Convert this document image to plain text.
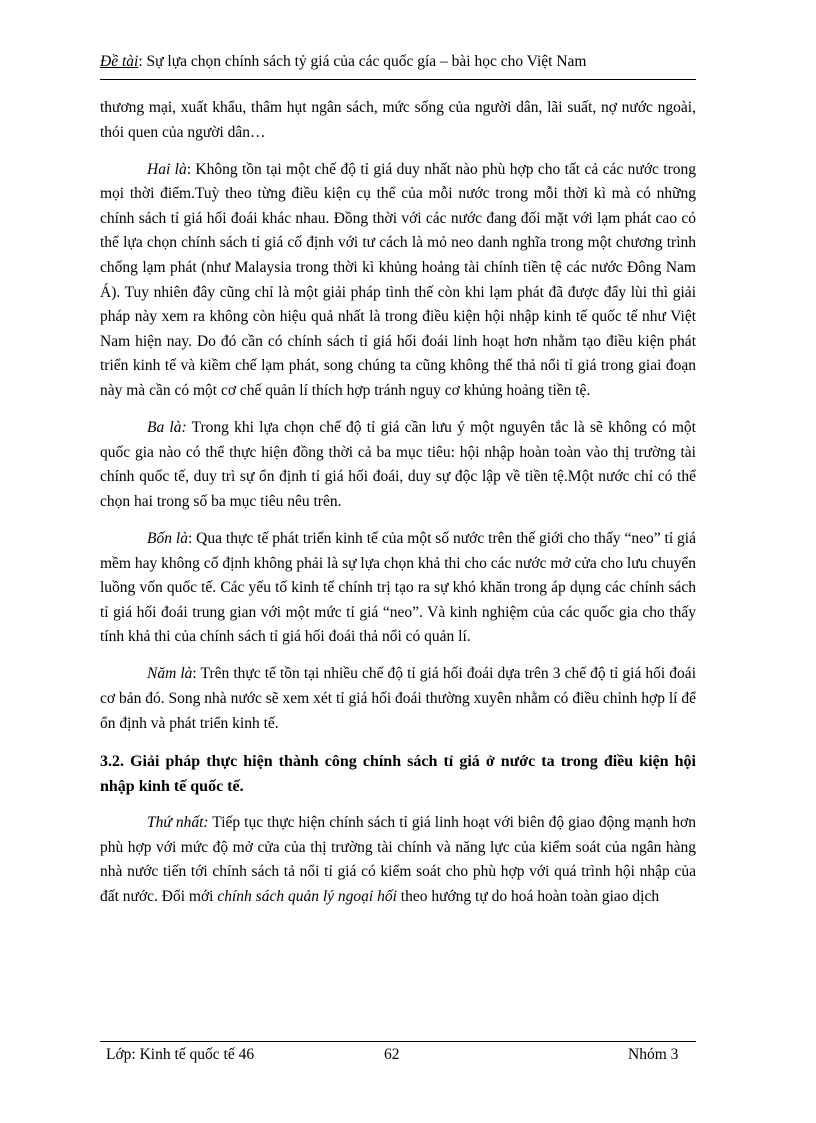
Đề tài: Sự lựa chọn chính sách tỷ giá của các quốc gía – bài học cho Việt Nam

thương mại, xuất khẩu, thâm hụt ngân sách, mức sống của người dân, lãi suất, nợ nước ngoài, thói quen của người dân…

Hai là: Không tồn tại một chế độ tỉ giá duy nhất nào phù hợp cho tất cả các nước trong mọi thời điểm.Tuỳ theo từng điều kiện cụ thể của mỗi nước trong mỗi thời kì mà có những chính sách tỉ giá hối đoái khác nhau. Đồng thời với các nước đang đối mặt với lạm phát cao có thể lựa chọn chính sách tỉ giá cố định với tư cách là mỏ neo danh nghĩa trong một chương trình chống lạm phát (như Malaysia trong thời kì khủng hoảng tài chính tiền tệ các nước Đông Nam Á). Tuy nhiên đây cũng chỉ là một giải pháp tình thế còn khi lạm phát đã được đẩy lùi thì giải pháp này xem ra không còn hiệu quả nhất là trong điều kiện hội nhập kinh tế quốc tế như Việt Nam hiện nay. Do đó cần có chính sách tỉ giá hối đoái linh hoạt hơn nhằm tạo điều kiện phát triển kinh tế và kiềm chế lạm phát, song chúng ta cũng không thể thả nổi tỉ giá trong giai đoạn này mà cần có một cơ chế quản lí thích hợp tránh nguy cơ khủng hoảng tiền tệ.

Ba là: Trong khi lựa chọn chế độ tỉ giá cần lưu ý một nguyên tắc là sẽ không có một quốc gia nào có thể thực hiện đồng thời cả ba mục tiêu: hội nhập hoàn toàn vào thị trường tài chính quốc tế, duy trì sự ổn định tỉ giá hối đoái, duy sự độc lập về tiền tệ.Một nước chỉ có thể chọn hai trong số ba mục tiêu nêu trên.

Bốn là: Qua thực tế phát triển kinh tế của một số nước trên thế giới cho thấy “neo” tỉ giá mềm hay không cố định không phải là sự lựa chọn khả thi cho các nước mở cửa cho lưu chuyển luồng vốn quốc tế. Các yếu tố kinh tế chính trị tạo ra sự khó khăn trong áp dụng các chính sách tỉ giá hối đoái trung gian với một mức tỉ giá “neo”. Và kinh nghiệm của các quốc gia cho thấy tính khả thi của chính sách tỉ giá hối đoái thả nổi có quản lí.

Năm là: Trên thực tế tồn tại nhiều chế độ tỉ giá hối đoái dựa trên 3 chế độ tỉ giá hối đoái cơ bản đó. Song nhà nước sẽ xem xét tỉ giá hối đoái thường xuyên nhằm có điều chỉnh hợp lí để ổn định và phát triển kinh tế.

3.2. Giải pháp thực hiện thành công chính sách tỉ giá ở nước ta trong điều kiện hội nhập kinh tế quốc tế.

Thứ nhất: Tiếp tục thực hiện chính sách tỉ giá linh hoạt với biên độ giao động mạnh hơn phù hợp với mức độ mở cửa của thị trường tài chính và năng lực của kiểm soát của ngân hàng nhà nước tiến tới chính sách tả nổi tỉ giá có kiểm soát cho phù hợp với quá trình hội nhập của đất nước. Đổi mới chính sách quản lý ngoại hối theo hướng tự do hoá hoàn toàn giao dịch

Lớp: Kinh tế quốc tế 46	62	Nhóm 3
